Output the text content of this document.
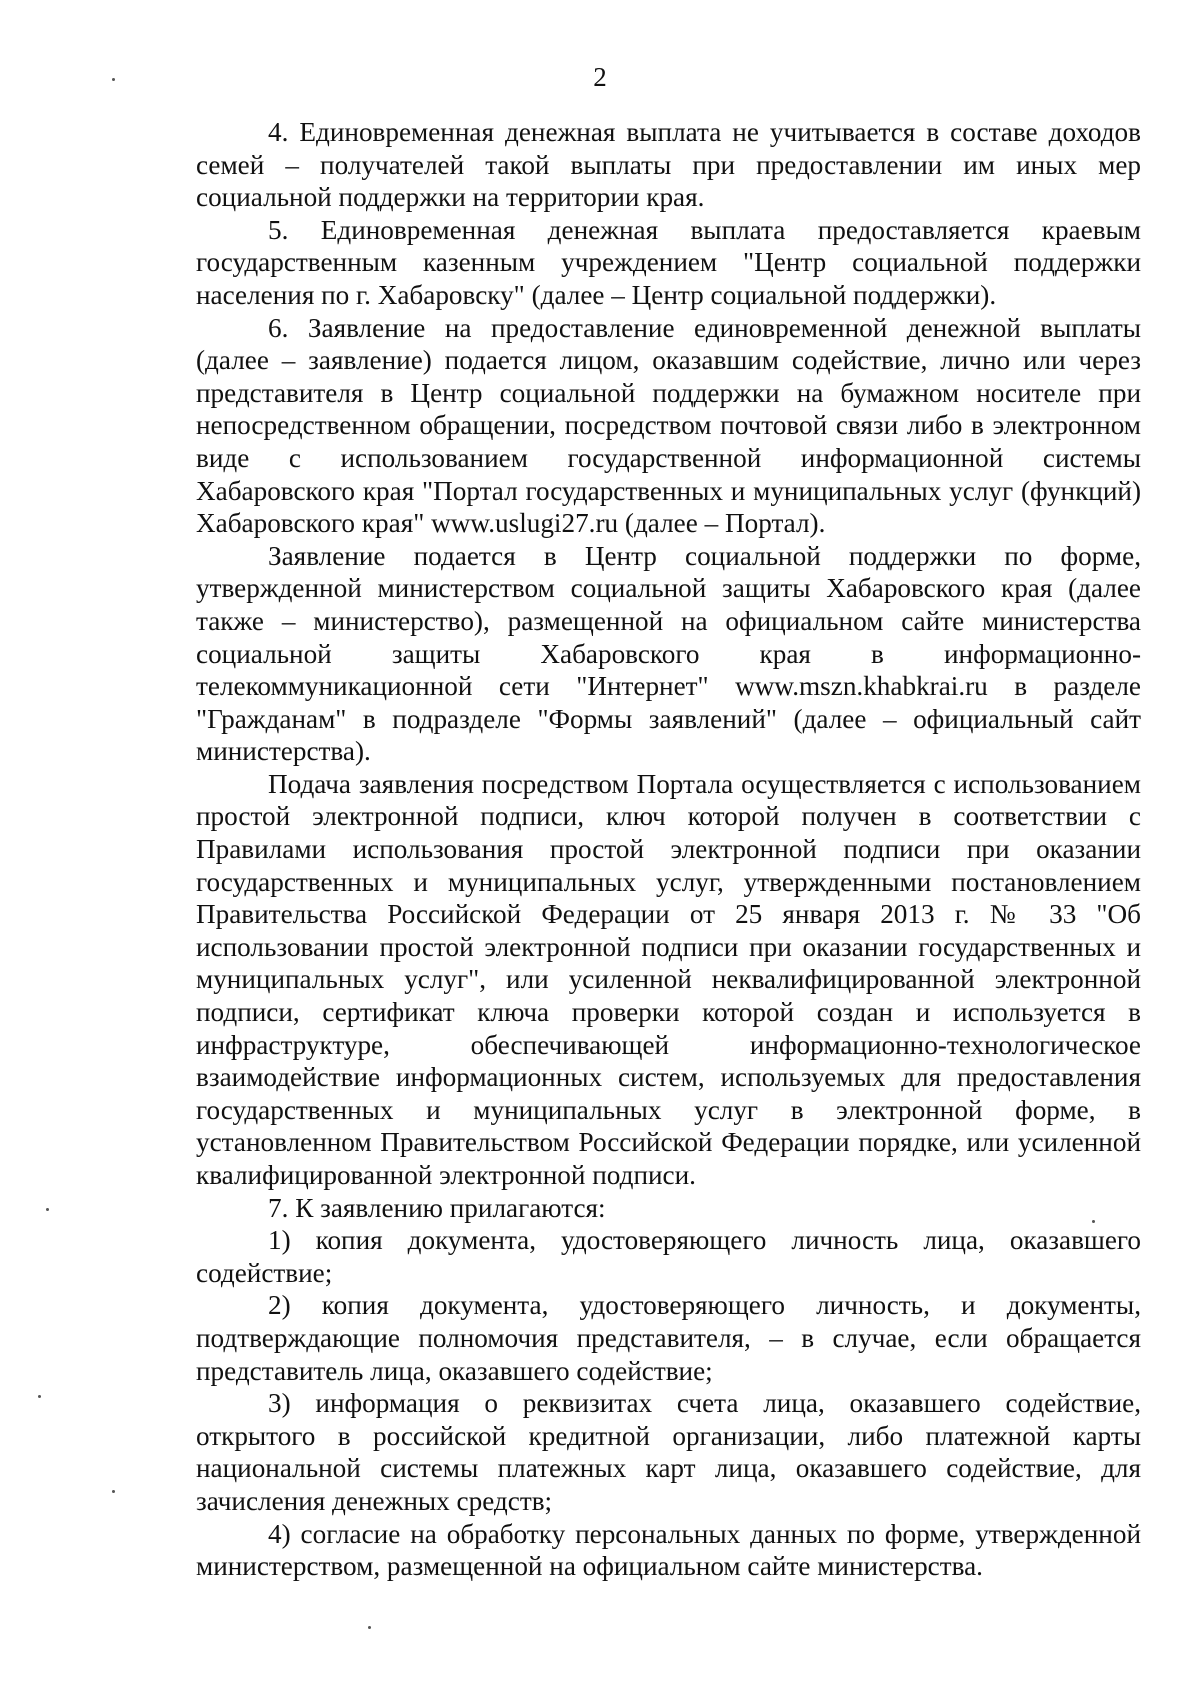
2

4. Единовременная денежная выплата не учитывается в составе доходов семей – получателей такой выплаты при предоставлении им иных мер социальной поддержки на территории края.

5. Единовременная денежная выплата предоставляется краевым государственным казенным учреждением "Центр социальной поддержки населения по г. Хабаровску" (далее – Центр социальной поддержки).

6. Заявление на предоставление единовременной денежной выплаты (далее – заявление) подается лицом, оказавшим содействие, лично или через представителя в Центр социальной поддержки на бумажном носителе при непосредственном обращении, посредством почтовой связи либо в электронном виде с использованием государственной информационной системы Хабаровского края "Портал государственных и муниципальных услуг (функций) Хабаровского края" www.uslugi27.ru (далее – Портал).

Заявление подается в Центр социальной поддержки по форме, утвержденной министерством социальной защиты Хабаровского края (далее также – министерство), размещенной на официальном сайте министерства социальной защиты Хабаровского края в информационно-телекоммуникационной сети "Интернет" www.mszn.khabkrai.ru в разделе "Гражданам" в подразделе "Формы заявлений" (далее – официальный сайт министерства).

Подача заявления посредством Портала осуществляется с использованием простой электронной подписи, ключ которой получен в соответствии с Правилами использования простой электронной подписи при оказании государственных и муниципальных услуг, утвержденными постановлением Правительства Российской Федерации от 25 января 2013 г. № 33 "Об использовании простой электронной подписи при оказании государственных и муниципальных услуг", или усиленной неквалифицированной электронной подписи, сертификат ключа проверки которой создан и используется в инфраструктуре, обеспечивающей информационно-технологическое взаимодействие информационных систем, используемых для предоставления государственных и муниципальных услуг в электронной форме, в установленном Правительством Российской Федерации порядке, или усиленной квалифицированной электронной подписи.

7. К заявлению прилагаются:

1) копия документа, удостоверяющего личность лица, оказавшего содействие;

2) копия документа, удостоверяющего личность, и документы, подтверждающие полномочия представителя, – в случае, если обращается представитель лица, оказавшего содействие;

3) информация о реквизитах счета лица, оказавшего содействие, открытого в российской кредитной организации, либо платежной карты национальной системы платежных карт лица, оказавшего содействие, для зачисления денежных средств;

4) согласие на обработку персональных данных по форме, утвержденной министерством, размещенной на официальном сайте министерства.
